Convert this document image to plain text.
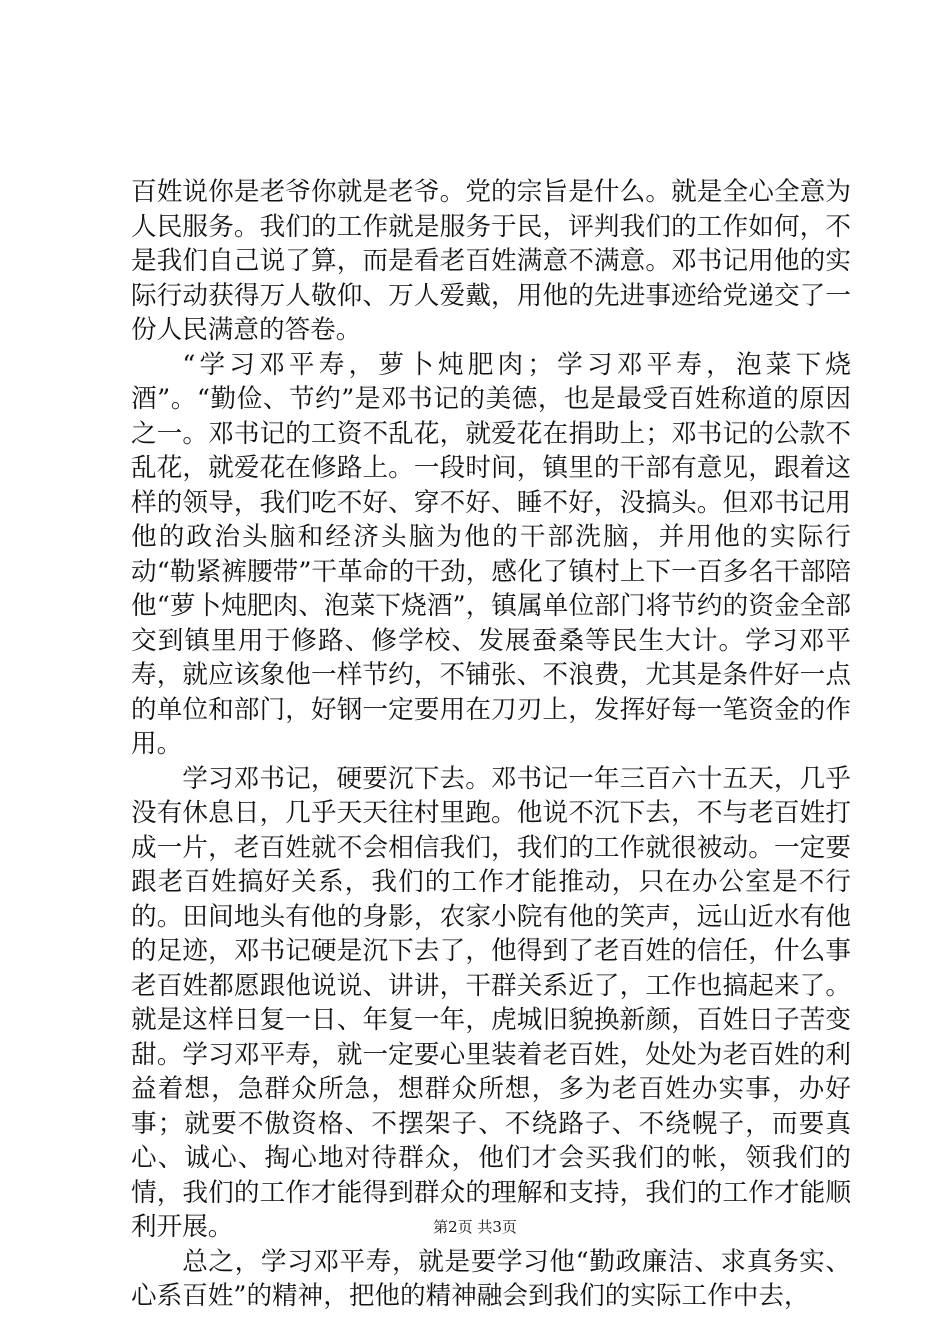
百姓说你是老爷你就是老爷。党的宗旨是什么。就是全心全意为人民服务。我们的工作就是服务于民，评判我们的工作如何，不是我们自己说了算，而是看老百姓满意不满意。邓书记用他的实际行动获得万人敬仰、万人爱戴，用他的先进事迹给党递交了一份人民满意的答卷。

“学习邓平寿，萝卜炖肥肉；学习邓平寿，泡菜下烧酒”。“勤俭、节约”是邓书记的美德，也是最受百姓称道的原因之一。邓书记的工资不乱花，就爱花在捐助上；邓书记的公款不乱花，就爱花在修路上。一段时间，镇里的干部有意见，跟着这样的领导，我们吃不好、穿不好、睡不好，没搞头。但邓书记用他的政治头脑和经济头脑为他的干部洗脑，并用他的实际行动“勒紧裤腰带”干革命的干劲，感化了镇村上下一百多名干部陪他“萝卜炖肥肉、泡菜下烧酒”，镇属单位部门将节约的资金全部交到镇里用于修路、修学校、发展蚕桑等民生大计。学习邓平寿，就应该象他一样节约，不铺张、不浪费，尤其是条件好一点的单位和部门，好钢一定要用在刀刃上，发挥好每一笔资金的作用。

学习邓书记，硬要沉下去。邓书记一年三百六十五天，几乎没有休息日，几乎天天往村里跑。他说不沉下去，不与老百姓打成一片，老百姓就不会相信我们，我们的工作就很被动。一定要跟老百姓搞好关系，我们的工作才能推动，只在办公室是不行的。田间地头有他的身影，农家小院有他的笑声，远山近水有他的足迹，邓书记硬是沉下去了，他得到了老百姓的信任，什么事老百姓都愿跟他说说、讲讲，干群关系近了，工作也搞起来了。就是这样日复一日、年复一年，虎城旧貌换新颜，百姓日子苦变甜。学习邓平寿，就一定要心里装着老百姓，处处为老百姓的利益着想，急群众所急，想群众所想，多为老百姓办实事，办好事；就要不傲资格、不摆架子、不绕路子、不绕幌子，而要真心、诚心、掏心地对待群众，他们才会买我们的帐，领我们的情，我们的工作才能得到群众的理解和支持，我们的工作才能顺利开展。

总之，学习邓平寿，就是要学习他“勤政廉洁、求真务实、心系百姓”的精神，把他的精神融会到我们的实际工作中去，

第2页 共3页
